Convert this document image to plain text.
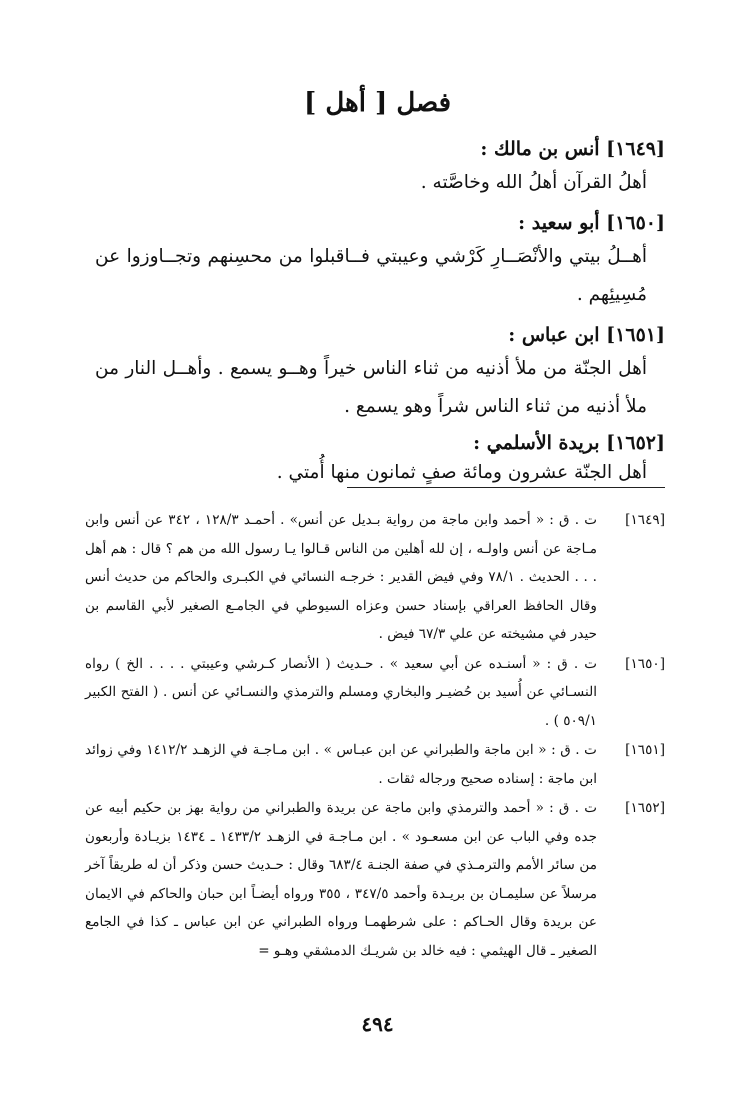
فصل [ أهل ]
[١٦٤٩] أنس بن مالك :
أهلُ القرآن أهلُ الله وخاصَّته .
[١٦٥٠] أبو سعيد :
أهــلُ بيتي والأنْصَــارِ كَرْشي وعيبتي فــاقبلوا من محسِنهم وتجــاوزوا عن مُسِيئِهم .
[١٦٥١] ابن عباس :
أهل الجنّة من ملأ أذنيه من ثناء الناس خيراً وهــو يسمع . وأهــل النار من ملأ أذنيه من ثناء الناس شراً وهو يسمع .
[١٦٥٢] بريدة الأسلمي :
أهل الجنّة عشرون ومائة صفٍ ثمانون منها أُمتي .
[١٦٤٩]
ت . ق : « أحمد وابن ماجة من رواية بـديل عن أنس» . أحمـد ١٢٨/٣ ، ٣٤٢ عن أنس وابن مـاجة عن أنس واولـه ، إن لله أهلين من الناس قـالوا يـا رسول الله من هم ؟ قال : هم أهل . . . الحديث . ٧٨/١ وفي فيض القدير : خرجـه النسائي في الكبـرى والحاكم من حديث أنس وقال الحافظ العراقي بإسناد حسن وعزاه السيوطي في الجامـع الصغير لأبي القاسم بن حيدر في مشيخته عن علي ٦٧/٣ فيض .
[١٦٥٠]
ت . ق : « أسنـده عن أبي سعيد » . حـديث ( الأنصار كـرشي وعيبتي . . . . الخ ) رواه النسـائي عن أُسيد بن حُضيـر والبخاري ومسلم والترمذي والنسـائي عن أنس . ( الفتح الكبير ٥٠٩/١ ) .
[١٦٥١]
ت . ق : « ابن ماجة والطبراني عن ابن عبـاس » . ابن مـاجـة في الزهـد ١٤١٢/٢ وفي زوائد ابن ماجة : إسناده صحيح ورجاله ثقات .
[١٦٥٢]
ت . ق : « أحمد والترمذي وابن ماجة عن بريدة والطبراني من رواية بهز بن حكيم أبيه عن جده وفي الباب عن ابن مسعـود » . ابن مـاجـة في الزهـد ١٤٣٣/٢ ـ ١٤٣٤ بزيـادة وأربعون من سائر الأمم والترمـذي في صفة الجنـة ٦٨٣/٤ وقال : حـديث حسن وذكر أن له طريقاً آخر مرسلاً عن سليمـان بن بريـدة وأحمد ٣٤٧/٥ ، ٣٥٥ ورواه أيضـاً ابن حبان والحاكم في الايمان عن بريدة وقال الحـاكم : على شرطهمـا ورواه الطبراني عن ابن عباس ـ كذا في الجامع الصغير ـ قال الهيثمي : فيه خالد بن شريـك الدمشقي وهـو =
٤٩٤
